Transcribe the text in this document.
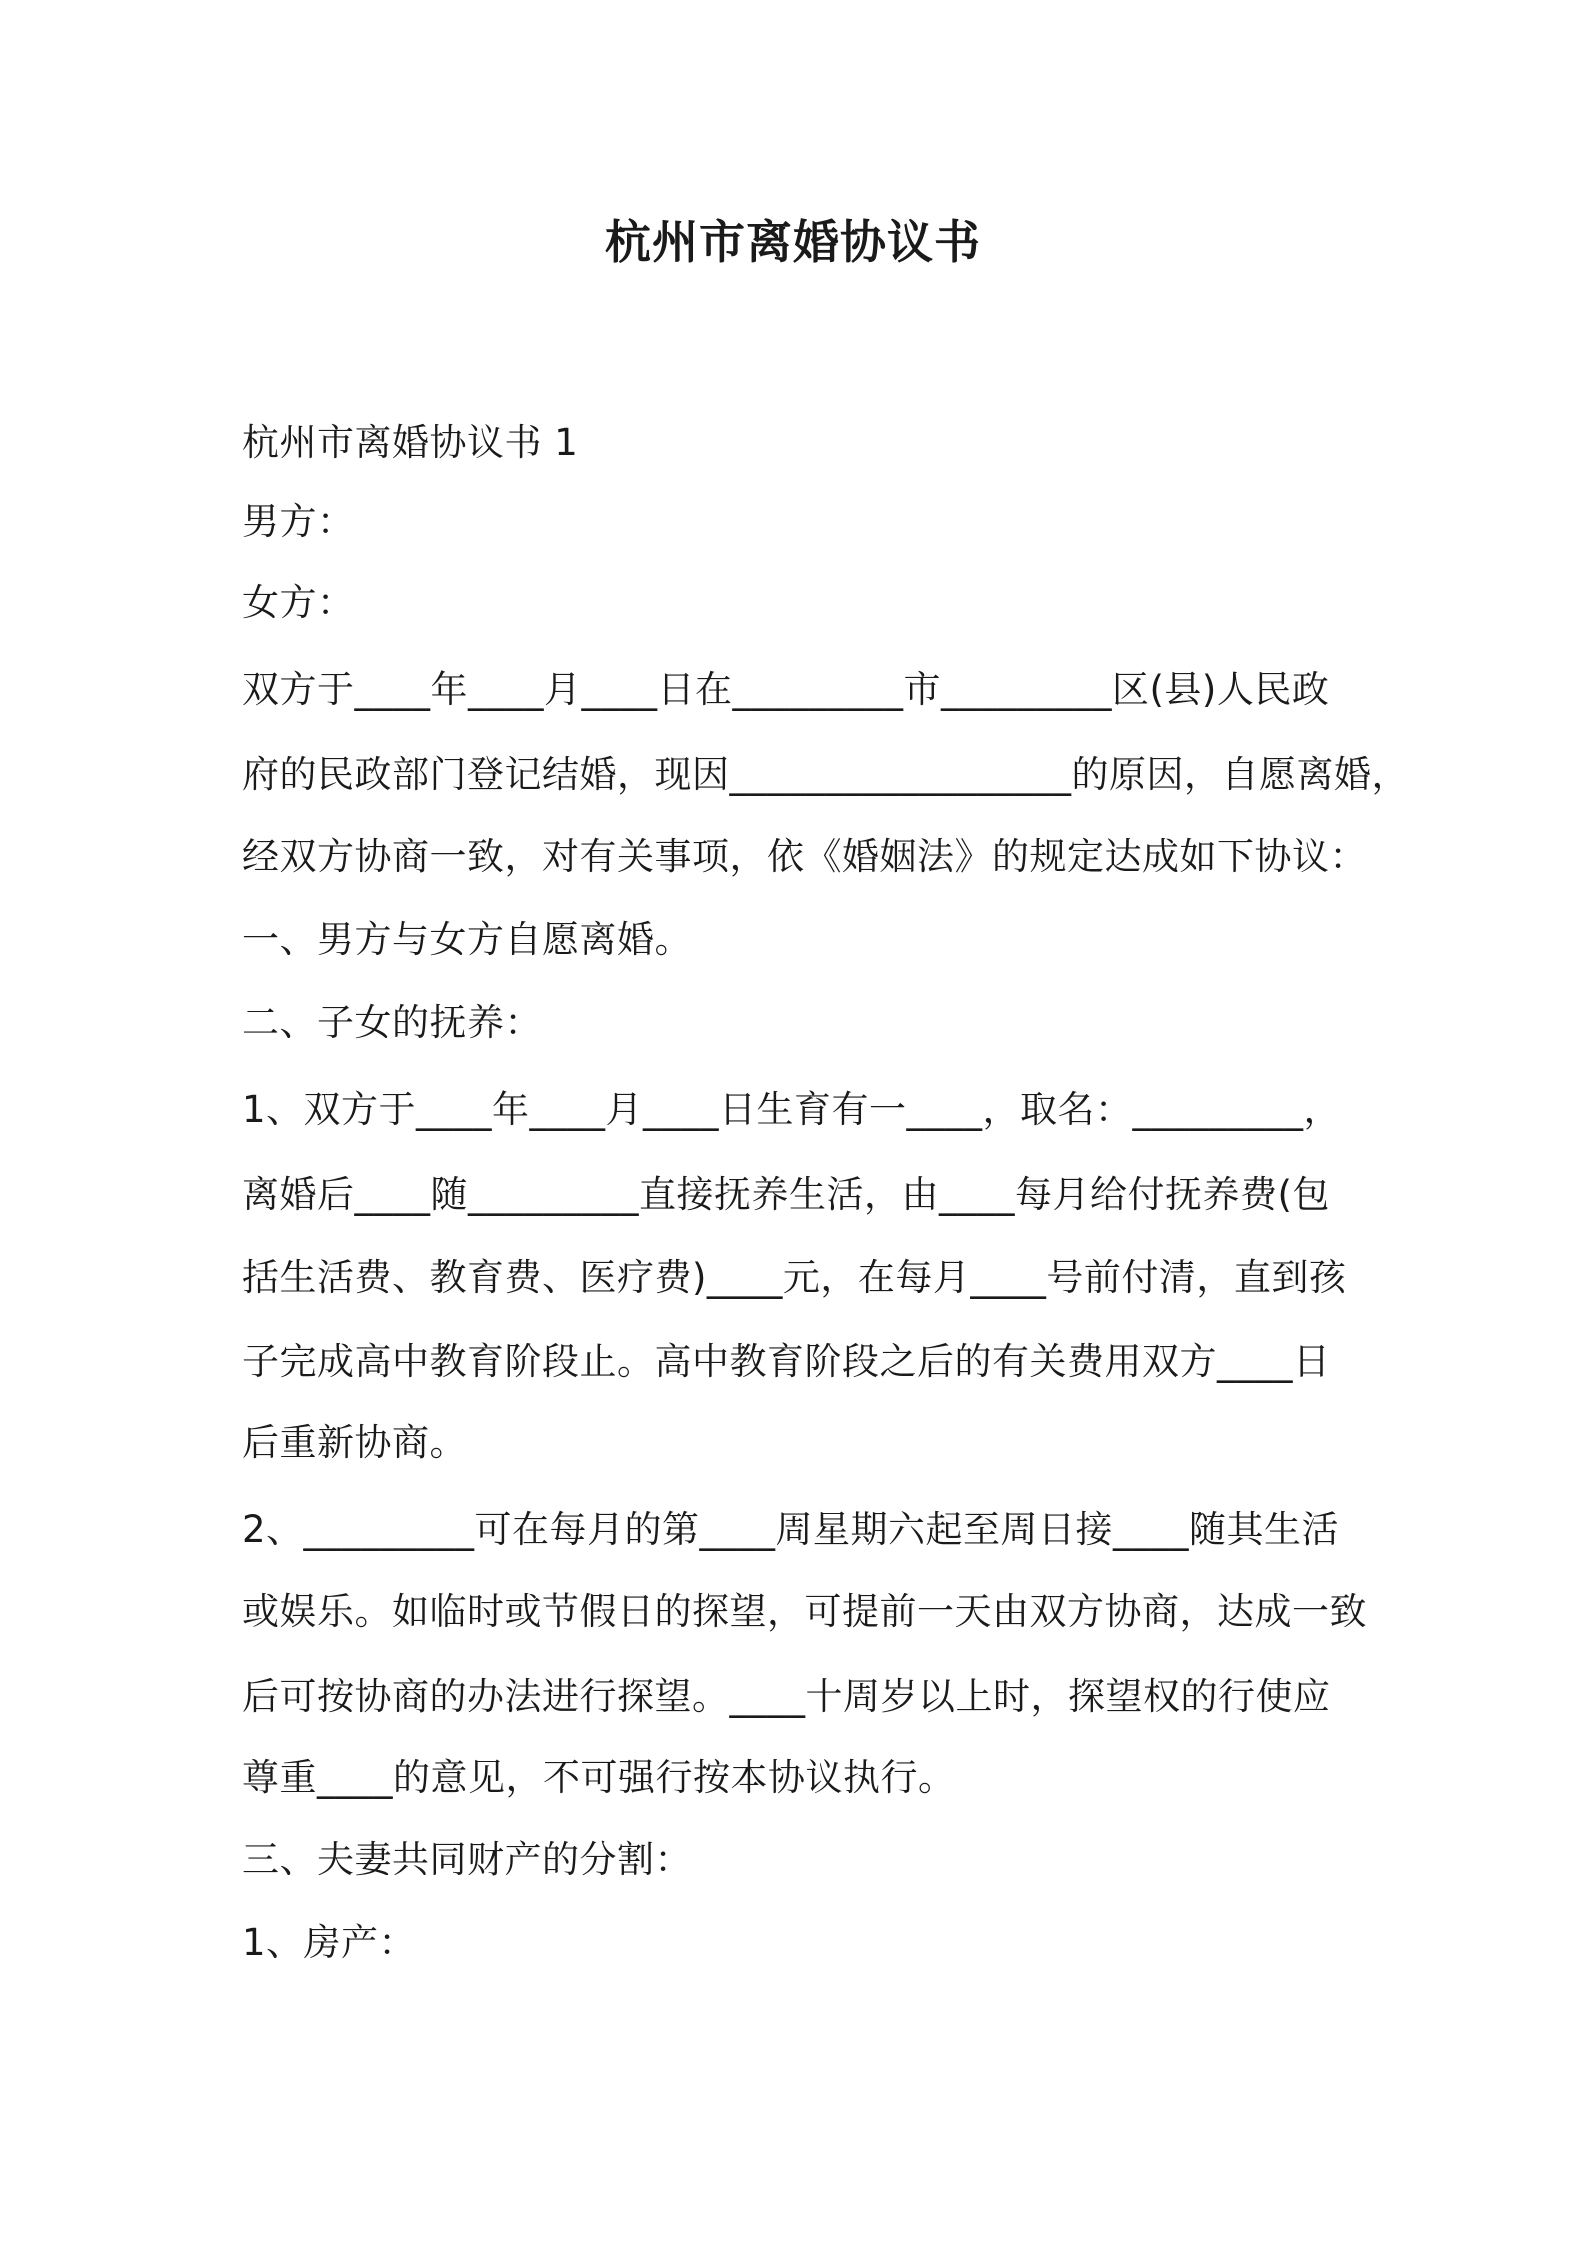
杭州市离婚协议书
杭州市离婚协议书 1
男方：
女方：
双方于____年____月____日在_________市_________区(县)人民政
府的民政部门登记结婚，现因__________________的原因，自愿离婚，
经双方协商一致，对有关事项，依《婚姻法》的规定达成如下协议：
一、男方与女方自愿离婚。
二、子女的抚养：
1、双方于____年____月____日生育有一____，取名：_________，
离婚后____随_________直接抚养生活，由____每月给付抚养费(包
括生活费、教育费、医疗费)____元，在每月____号前付清，直到孩
子完成高中教育阶段止。高中教育阶段之后的有关费用双方____日
后重新协商。
2、_________可在每月的第____周星期六起至周日接____随其生活
或娱乐。如临时或节假日的探望，可提前一天由双方协商，达成一致
后可按协商的办法进行探望。____十周岁以上时，探望权的行使应
尊重____的意见，不可强行按本协议执行。
三、夫妻共同财产的分割：
1、房产：
